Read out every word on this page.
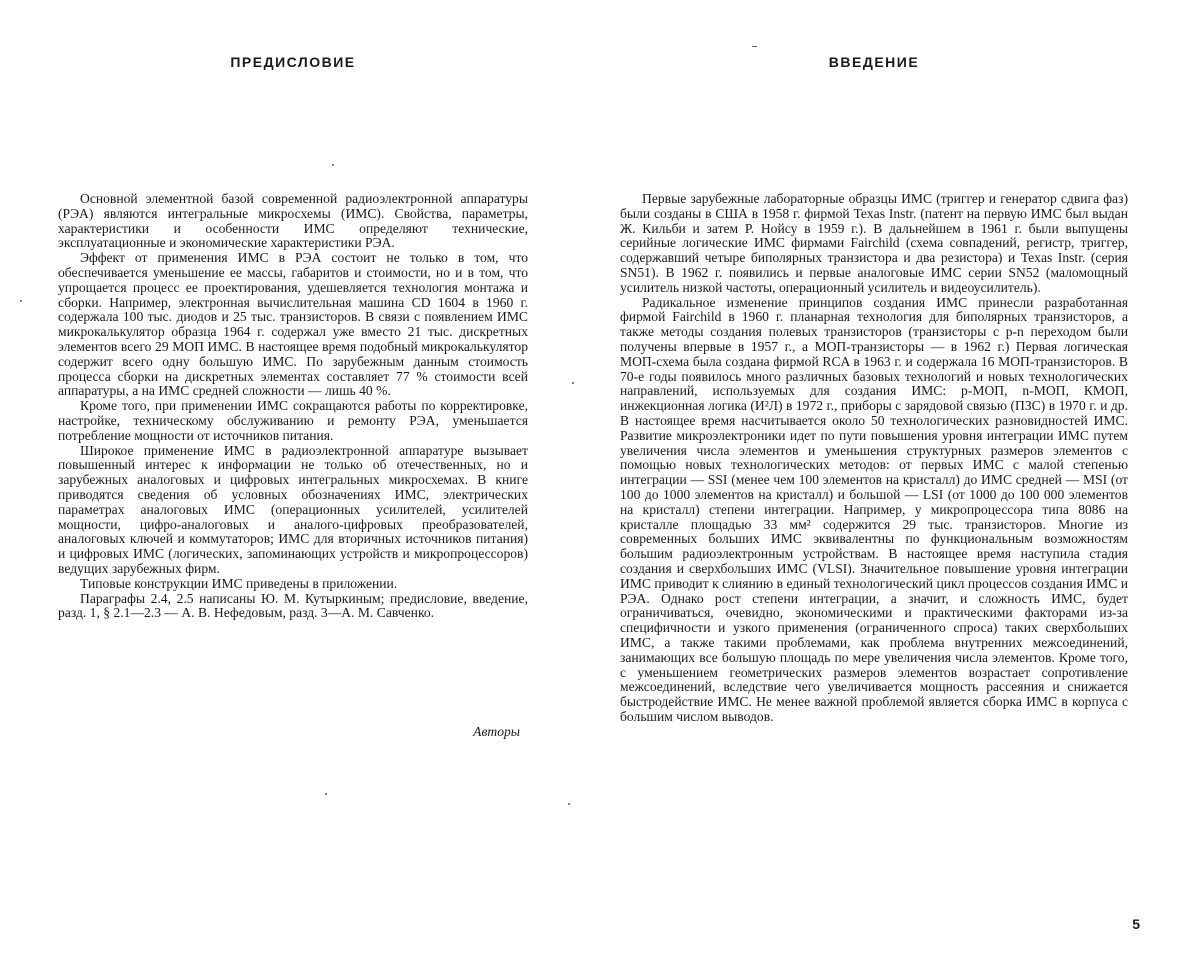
ПРЕДИСЛОВИЕ

Основной элементной базой современной радиоэлектронной аппаратуры (РЭА) являются интегральные микросхемы (ИМС). Свойства, параметры, характеристики и особенности ИМС определяют технические, эксплуатационные и экономические характеристики РЭА.

Эффект от применения ИМС в РЭА состоит не только в том, что обеспечивается уменьшение ее массы, габаритов и стоимости, но и в том, что упрощается процесс ее проектирования, удешевляется технология монтажа и сборки. Например, электронная вычислительная машина CD 1604 в 1960 г. содержала 100 тыс. диодов и 25 тыс. транзисторов. В связи с появлением ИМС микрокалькулятор образца 1964 г. содержал уже вместо 21 тыс. дискретных элементов всего 29 МОП ИМС. В настоящее время подобный микрокалькулятор содержит всего одну большую ИМС. По зарубежным данным стоимость процесса сборки на дискретных элементах составляет 77 % стоимости всей аппаратуры, а на ИМС средней сложности — лишь 40 %.

Кроме того, при применении ИМС сокращаются работы по корректировке, настройке, техническому обслуживанию и ремонту РЭА, уменьшается потребление мощности от источников питания.

Широкое применение ИМС в радиоэлектронной аппаратуре вызывает повышенный интерес к информации не только об отечественных, но и зарубежных аналоговых и цифровых интегральных микросхемах. В книге приводятся сведения об условных обозначениях ИМС, электрических параметрах аналоговых ИМС (операционных усилителей, усилителей мощности, цифро-аналоговых и аналого-цифровых преобразователей, аналоговых ключей и коммутаторов; ИМС для вторичных источников питания) и цифровых ИМС (логических, запоминающих устройств и микропроцессоров) ведущих зарубежных фирм.

Типовые конструкции ИМС приведены в приложении.

Параграфы 2.4, 2.5 написаны Ю. М. Кутыркиным; предисловие, введение, разд. 1, § 2.1—2.3 — А. В. Нефедовым, разд. 3—А. М. Савченко.

Авторы
ВВЕДЕНИЕ

Первые зарубежные лабораторные образцы ИМС (триггер и генератор сдвига фаз) были созданы в США в 1958 г. фирмой Texas Instr. (патент на первую ИМС был выдан Ж. Кильби и затем Р. Нойсу в 1959 г.). В дальнейшем в 1961 г. были выпущены серийные логические ИМС фирмами Fairchild (схема совпадений, регистр, триггер, содержавший четыре биполярных транзистора и два резистора) и Texas Instr. (серия SN51). В 1962 г. появились и первые аналоговые ИМС серии SN52 (маломощный усилитель низкой частоты, операционный усилитель и видеоусилитель).

Радикальное изменение принципов создания ИМС принесли разработанная фирмой Fairchild в 1960 г. планарная технология для биполярных транзисторов, а также методы создания полевых транзисторов (транзисторы с p-n переходом были получены впервые в 1957 г., а МОП-транзисторы — в 1962 г.) Первая логическая МОП-схема была создана фирмой RCA в 1963 г. и содержала 16 МОП-транзисторов. В 70-е годы появилось много различных базовых технологий и новых технологических направлений, используемых для создания ИМС: p-МОП, n-МОП, КМОП, инжекционная логика (И²Л) в 1972 г., приборы с зарядовой связью (ПЗС) в 1970 г. и др. В настоящее время насчитывается около 50 технологических разновидностей ИМС. Развитие микроэлектроники идет по пути повышения уровня интеграции ИМС путем увеличения числа элементов и уменьшения структурных размеров элементов с помощью новых технологических методов: от первых ИМС с малой степенью интеграции — SSI (менее чем 100 элементов на кристалл) до ИМС средней — MSI (от 100 до 1000 элементов на кристалл) и большой — LSI (от 1000 до 100 000 элементов на кристалл) степени интеграции. Например, у микропроцессора типа 8086 на кристалле площадью 33 мм² содержится 29 тыс. транзисторов. Многие из современных больших ИМС эквивалентны по функциональным возможностям большим радиоэлектронным устройствам. В настоящее время наступила стадия создания и сверхбольших ИМС (VLSI). Значительное повышение уровня интеграции ИМС приводит к слиянию в единый технологический цикл процессов создания ИМС и РЭА. Однако рост степени интеграции, а значит, и сложность ИМС, будет ограничиваться, очевидно, экономическими и практическими факторами из-за специфичности и узкого применения (ограниченного спроса) таких сверхбольших ИМС, а также такими проблемами, как проблема внутренних межсоединений, занимающих все большую площадь по мере увеличения числа элементов. Кроме того, с уменьшением геометрических размеров элементов возрастает сопротивление межсоединений, вследствие чего увеличивается мощность рассеяния и снижается быстродействие ИМС. Не менее важной проблемой является сборка ИМС в корпуса с большим числом выводов.

5
